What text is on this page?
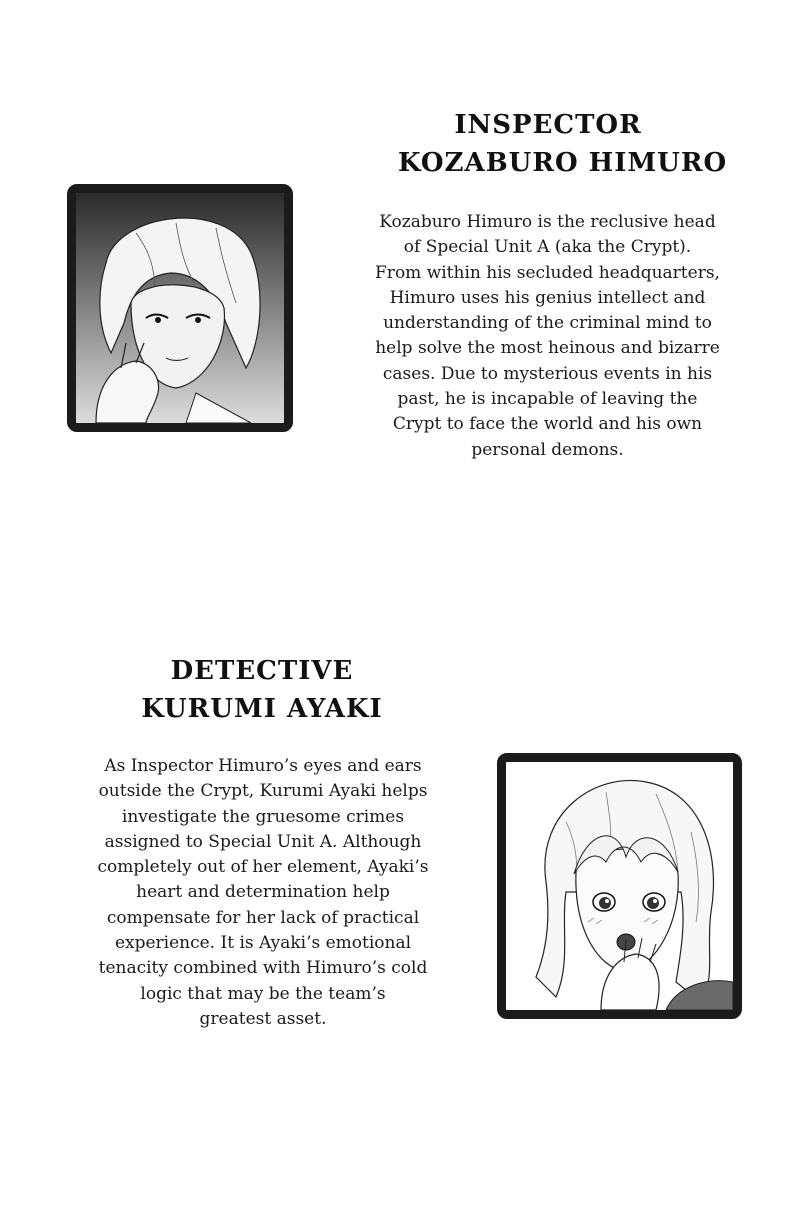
INSPECTOR
KOZABURO HIMURO
Kozaburo Himuro is the reclusive head
of Special Unit A (aka the Crypt).
From within his secluded headquarters,
Himuro uses his genius intellect and
understanding of the criminal mind to
help solve the most heinous and bizarre
cases. Due to mysterious events in his
past, he is incapable of leaving the
Crypt to face the world and his own
personal demons.
DETECTIVE
KURUMI AYAKI
As Inspector Himuro’s eyes and ears
outside the Crypt, Kurumi Ayaki helps
investigate the gruesome crimes
assigned to Special Unit A. Although
completely out of her element, Ayaki’s
heart and determination help
compensate for her lack of practical
experience. It is Ayaki’s emotional
tenacity combined with Himuro’s cold
logic that may be the team’s
greatest asset.
